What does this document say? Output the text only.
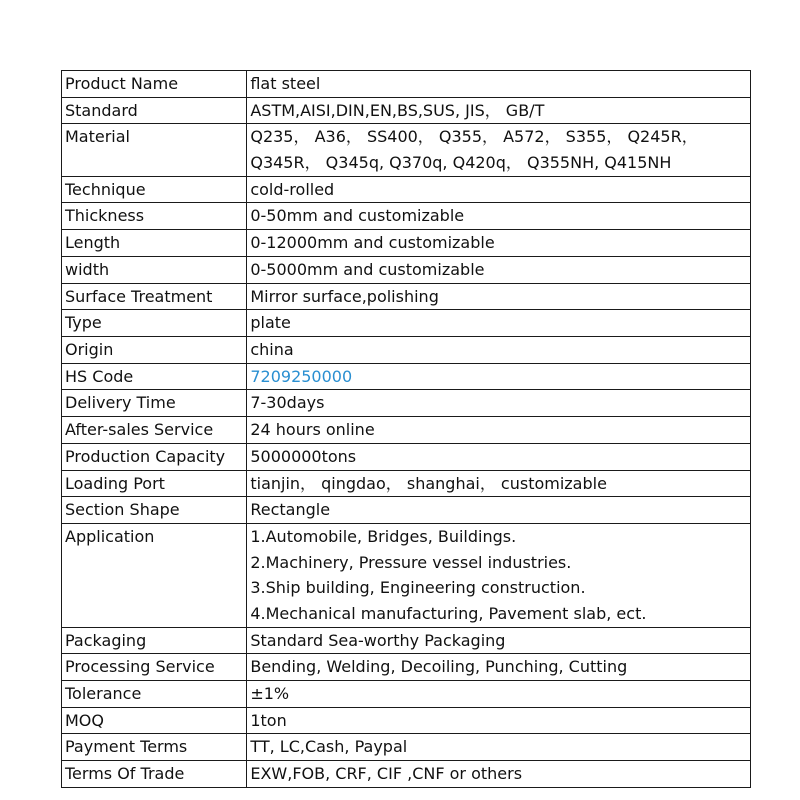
Product Name	flat steel

Standard	ASTM,AISI,DIN,EN,BS,SUS, JIS， GB/T

Material	Q235， A36， SS400， Q355， A572， S355， Q245R，
Q345R， Q345q, Q370q, Q420q， Q355NH, Q415NH

Technique	cold-rolled

Thickness	0-50mm and customizable

Length	0-12000mm and customizable

width	0-5000mm and customizable

Surface Treatment	Mirror surface,polishing

Type	plate

Origin	china

HS Code	7209250000

Delivery Time	7-30days

After-sales Service	24 hours online

Production Capacity	5000000tons

Loading Port	tianjin， qingdao， shanghai， customizable

Section Shape	Rectangle

Application	1.Automobile, Bridges, Buildings.
2.Machinery, Pressure vessel industries.
3.Ship building, Engineering construction.
4.Mechanical manufacturing, Pavement slab, ect.

Packaging	Standard Sea-worthy Packaging

Processing Service	Bending, Welding, Decoiling, Punching, Cutting

Tolerance	±1%

MOQ	1ton

Payment Terms	TT, LC,Cash, Paypal

Terms Of Trade	EXW,FOB, CRF, CIF ,CNF or others
